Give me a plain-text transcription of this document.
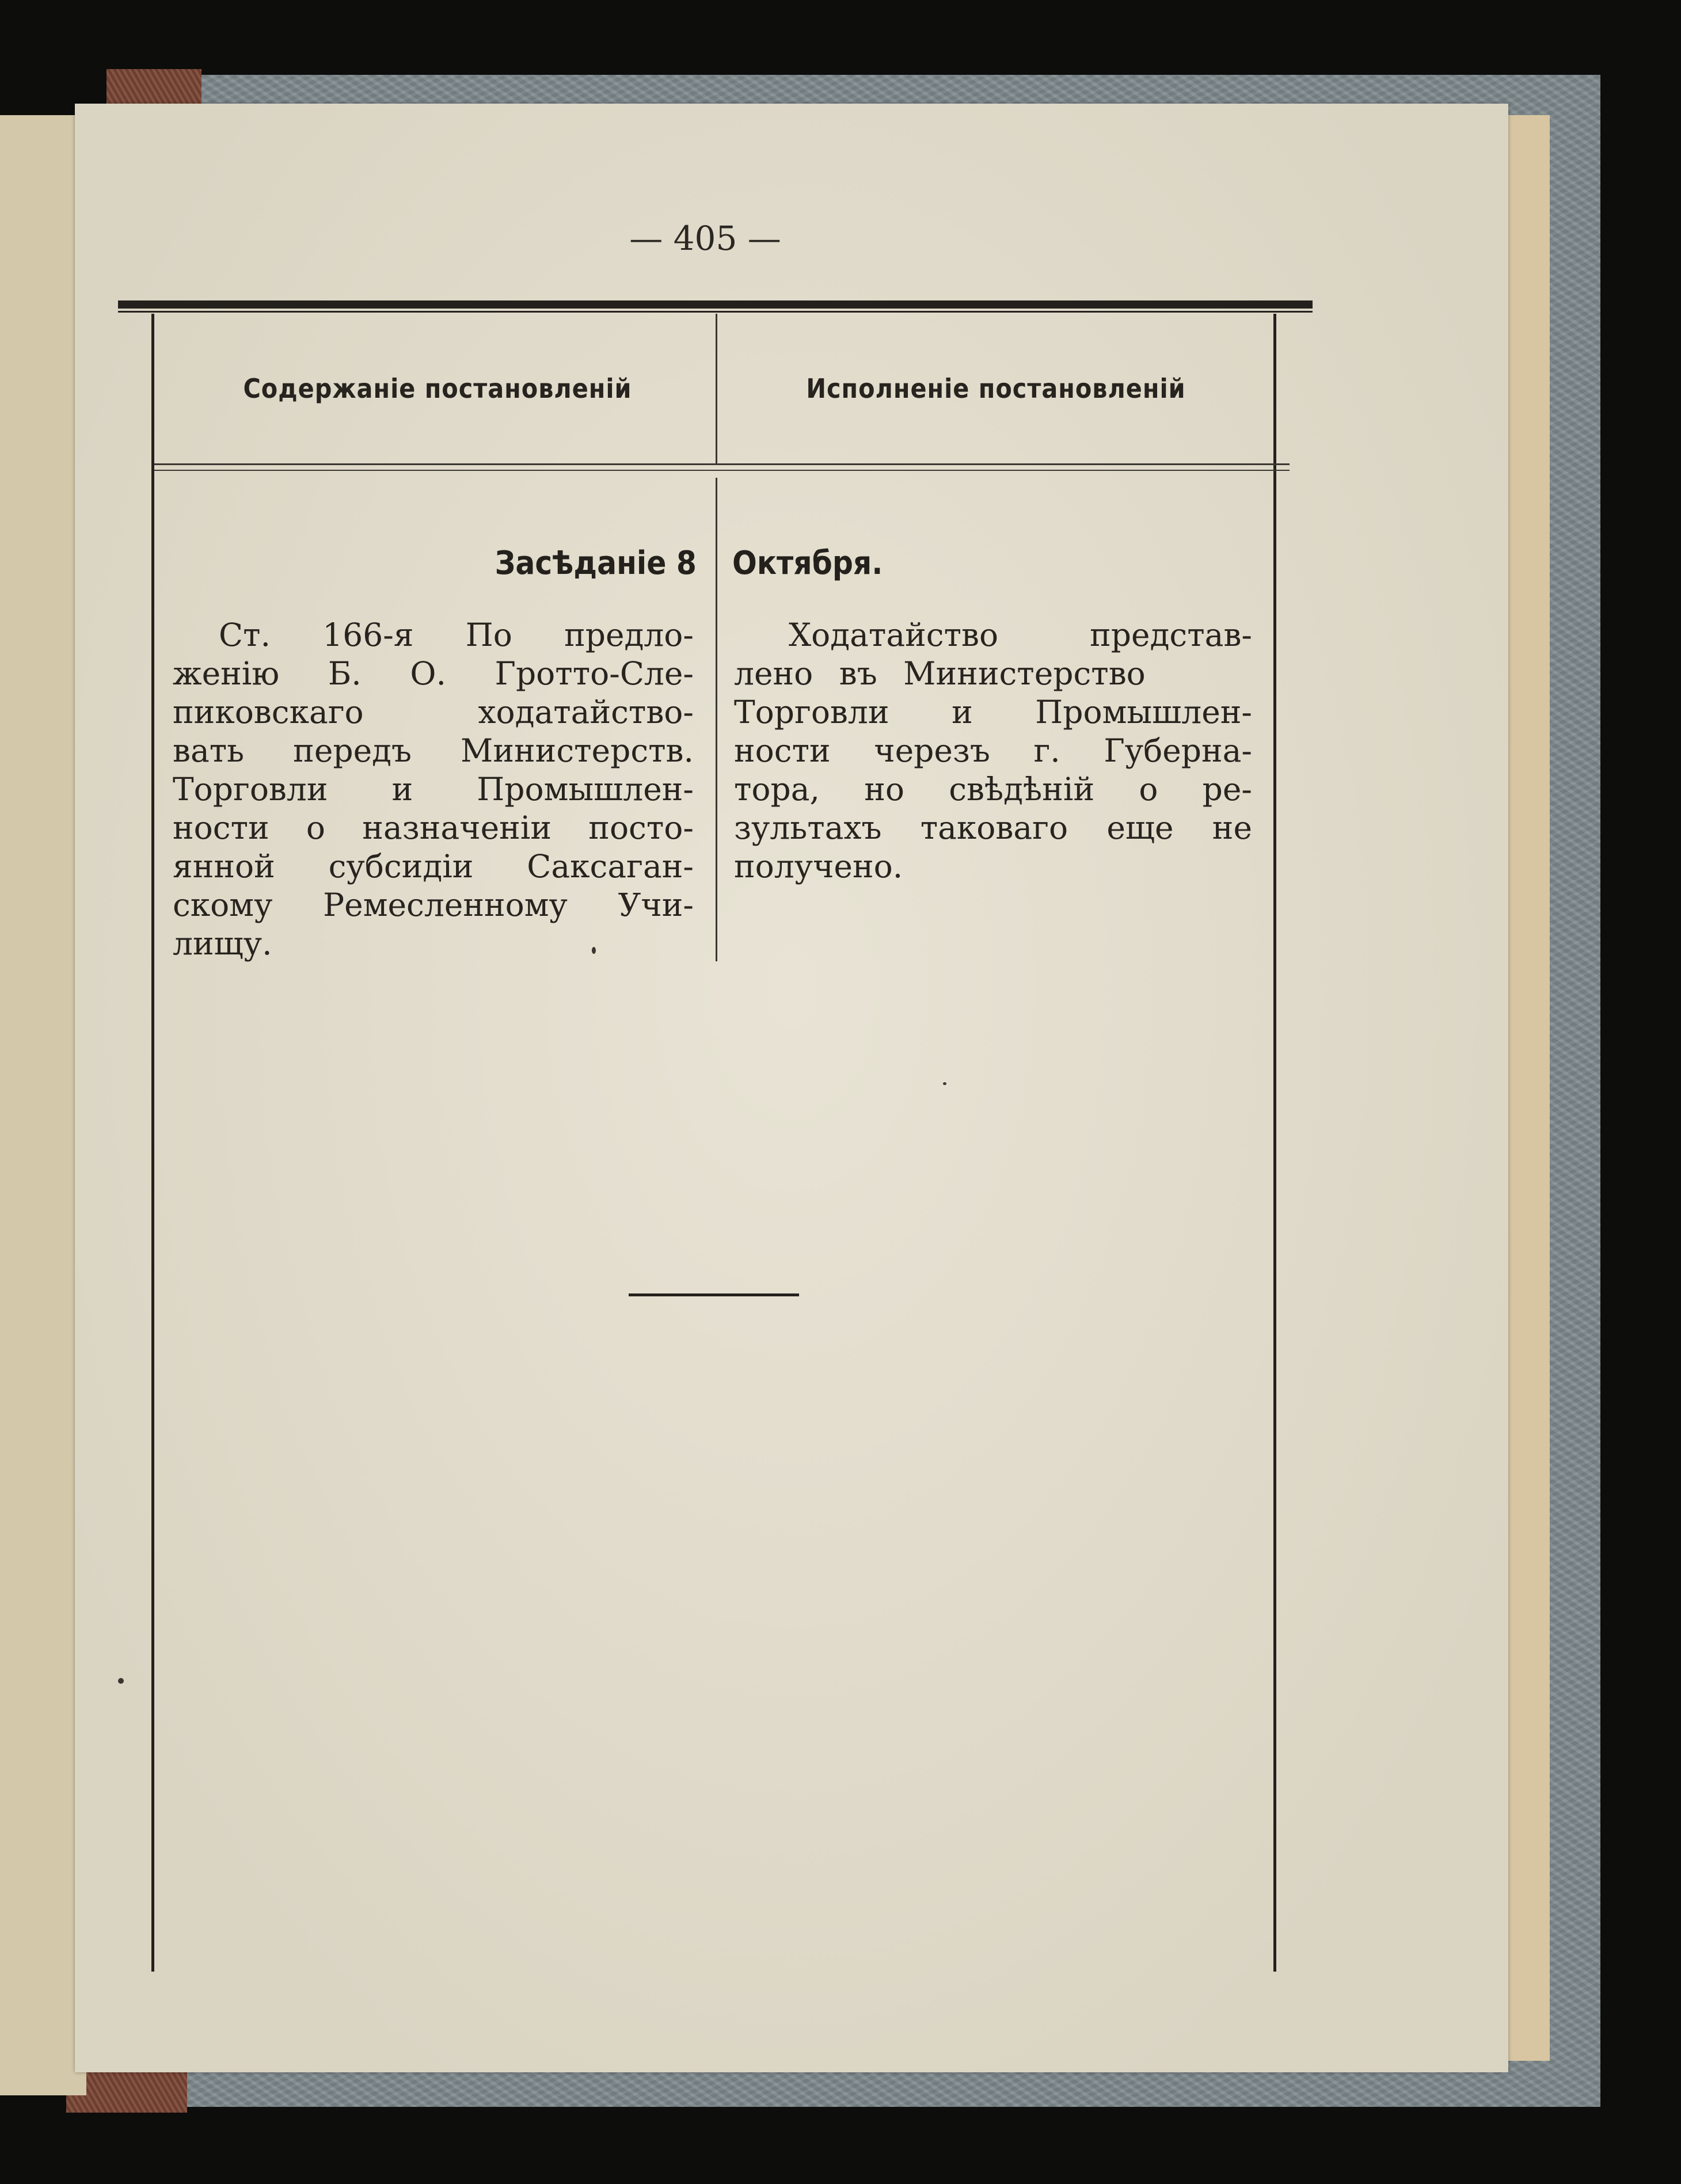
— 405 —
Содержаніе постановленій	Исполненіе постановленій
Засѣданіе 8 Октября.
Ст. 166-я По предло-
женію Б. О. Гротто-Сле-
пиковскаго ходатайство-
вать передъ Министерств.
Торговли и Промышлен-
ности о назначеніи посто-
янной субсидіи Саксаган-
скому Ремесленному Учи-
лищу.
Ходатайство представ-
лено въ Министерство
Торговли и Промышлен-
ности черезъ г. Губерна-
тора, но свѣдѣній о ре-
зультахъ таковаго еще не
получено.
